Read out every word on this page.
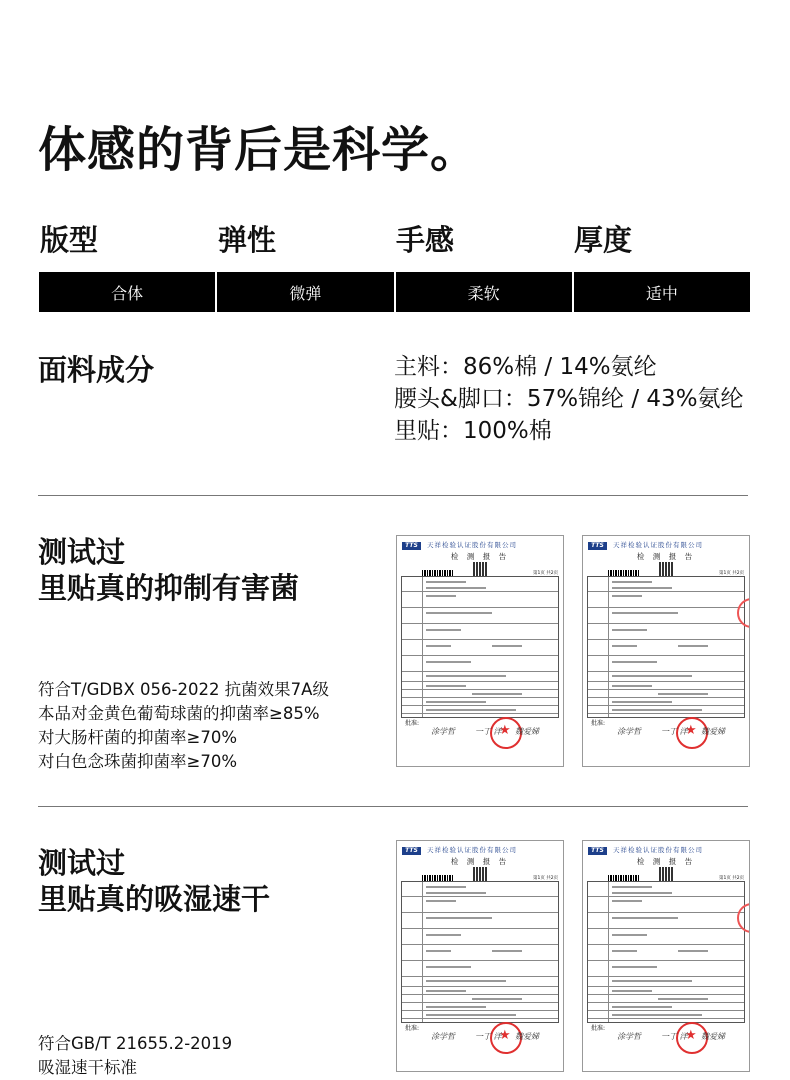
体感的背后是科学。
版型	弹性	手感	厚度
合体	微弹	柔软	适中
面料成分	主料：86%棉 / 14%氨纶
腰头&脚口：57%锦纶 / 43%氨纶
里贴：100%棉
测试过
里贴真的抑制有害菌
符合T/GDBX 056-2022 抗菌效果7A级
本品对金黄色葡萄球菌的抑菌率≥85%
对大肠杆菌的抑菌率≥70%
对白色念珠菌抑菌率≥70%
测试过
里贴真的吸湿速干
符合GB/T 21655.2-2019
吸湿速干标准
TTS	天祥检验认证股份有限公司
检 测 报 告
第1页 共2页
★
批准:
涂学哲	一丁 洋 魏爱娣
TTS	天祥检验认证股份有限公司
检 测 报 告
第1页 共2页
★
批准:
涂学哲	一丁 洋 魏爱娣
TTS	天祥检验认证股份有限公司
检 测 报 告
第1页 共2页
★
批准:
涂学哲	一丁 洋 魏爱娣
TTS	天祥检验认证股份有限公司
检 测 报 告
第1页 共2页
★
批准:
涂学哲	一丁 洋 魏爱娣
